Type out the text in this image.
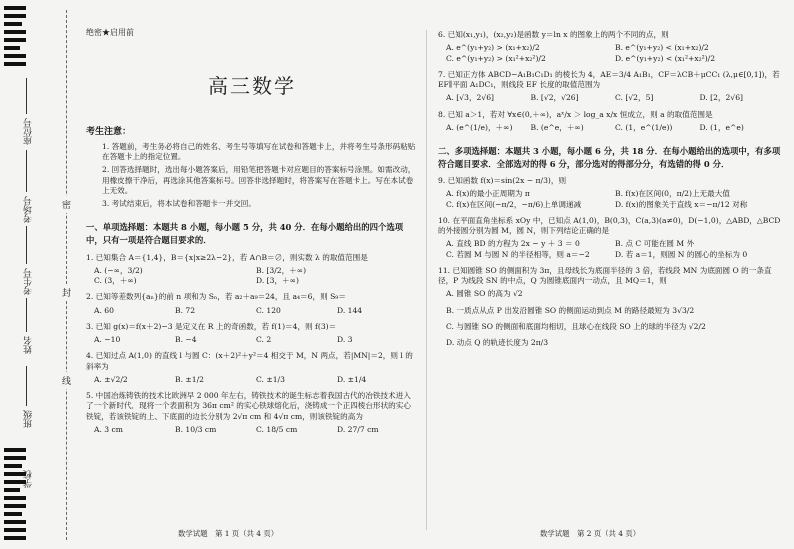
座位号
考场号
考生号
姓名
班级
学校
密
封
线
绝密★启用前
高三数学
考生注意：

1. 答题前，考生务必将自己的姓名、考生号等填写在试卷和答题卡上，并将考生号条形码粘贴在答题卡上的指定位置。

2. 回答选择题时，选出每小题答案后，用铅笔把答题卡对应题目的答案标号涂黑。如需改动，用橡皮擦干净后，再选涂其他答案标号。回答非选择题时，将答案写在答题卡上。写在本试卷上无效。

3. 考试结束后，将本试卷和答题卡一并交回。

一、单项选择题：本题共 8 小题，每小题 5 分，共 40 分．在每小题给出的四个选项中，只有一项是符合题目要求的．
1. 已知集合 A＝{1,4}，B＝{x|x≥2λ−2}，若 A∩B＝∅，则实数 λ 的取值范围是
A. (−∞，3/2)	B. [3/2，＋∞)
C. (3，＋∞)	D. [3，＋∞)
2. 已知等差数列{aₙ}的前 n 项和为 Sₙ，若 a₂＋a₉＝24，且 a₄＝6，则 S₉＝
A. 60	B. 72	C. 120	D. 144
3. 已知 g(x)＝f(x＋2)−3 是定义在 R 上的奇函数，若 f(1)＝4，则 f(3)＝
A. −10	B. −4	C. 2	D. 3
4. 已知过点 A(1,0) 的直线 l 与圆 C：(x＋2)²＋y²＝4 相交于 M，N 两点，若|MN|＝2，则 l 的斜率为
A. ±√2/2	B. ±1/2	C. ±1/3	D. ±1/4
5. 中国冶炼铸铁的技术比欧洲早 2 000 年左右，铸铁技术的诞生标志着我国古代的冶铁技术进入了一个新时代．现将一个表面积为 36π cm² 的实心铁球熔化后，浇铸成一个正四棱台形状的实心铁锭，若该铁锭的上、下底面的边长分别为 2√π cm 和 4√π cm，则该铁锭的高为
A. 3 cm	B. 10/3 cm	C. 18/5 cm	D. 27/7 cm
6. 已知(x₁,y₁)，(x₂,y₂)是函数 y＝ln x 的图象上的两个不同的点，则
A. e^(y₁+y₂) > (x₁+x₂)/2	B. e^(y₁+y₂) < (x₁+x₂)/2
C. e^(y₁+y₂) > (x₁²+x₂²)/2	D. e^(y₁+y₂) < (x₁²+x₂²)/2
7. 已知正方体 ABCD−A₁B₁C₁D₁ 的棱长为 4，AE＝3/4 A₁B₁，CF＝λCB＋μCC₁ (λ,μ∈[0,1])，若 EF∥平面 A₁DC₁，则线段 EF 长度的取值范围为
A. [√3，2√6]	B. [√2，√26]	C. [√2，5]	D. [2，2√6]
8. 已知 a＞1，若对 ∀x∈(0,＋∞)，aˣ/x ＞ log_a x/x 恒成立，则 a 的取值范围是
A. (e^(1/e)，＋∞)	B. (e^e，＋∞)	C. (1，e^(1/e))	D. (1，e^e)
二、多项选择题：本题共 3 小题，每小题 6 分，共 18 分．在每小题给出的选项中，有多项符合题目要求．全部选对的得 6 分，部分选对的得部分分，有选错的得 0 分．
9. 已知函数 f(x)＝sin(2x − π/3)，则
A. f(x)的最小正周期为 π	B. f(x)在区间(0，π/2)上无最大值
C. f(x)在区间(−π/2，−π/6)上单调递减	D. f(x)的图象关于直线 x＝−π/12 对称
10. 在平面直角坐标系 xOy 中，已知点 A(1,0)，B(0,3)，C(a,3)(a≠0)，D(−1,0)，△ABD，△BCD 的外接圆分别为圆 M，圆 N，则下列结论正确的是
A. 直线 BD 的方程为 2x − y ＋ 3 ＝ 0	B. 点 C 可能在圆 M 外
C. 若圆 M 与圆 N 的半径相等，则 a＝−2	D. 若 a＝1，则圆 N 的圆心的坐标为 0
11. 已知圆锥 SO 的侧面积为 3π，且母线长为底面半径的 3 倍，若线段 MN 为底面圆 O 的一条直径，P 为线段 SN 的中点，Q 为圆锥底面内一动点，且 MQ＝1，则
A. 圆锥 SO 的高为 √2
B. 一质点从点 P 出发沿圆锥 SO 的侧面运动到点 M 的路径最短为 3√3/2
C. 与圆锥 SO 的侧面和底面均相切，且球心在线段 SO 上的球的半径为 √2/2
D. 动点 Q 的轨迹长度为 2π/3
数学试题　第 1 页（共 4 页）	数学试题　第 2 页（共 4 页）
